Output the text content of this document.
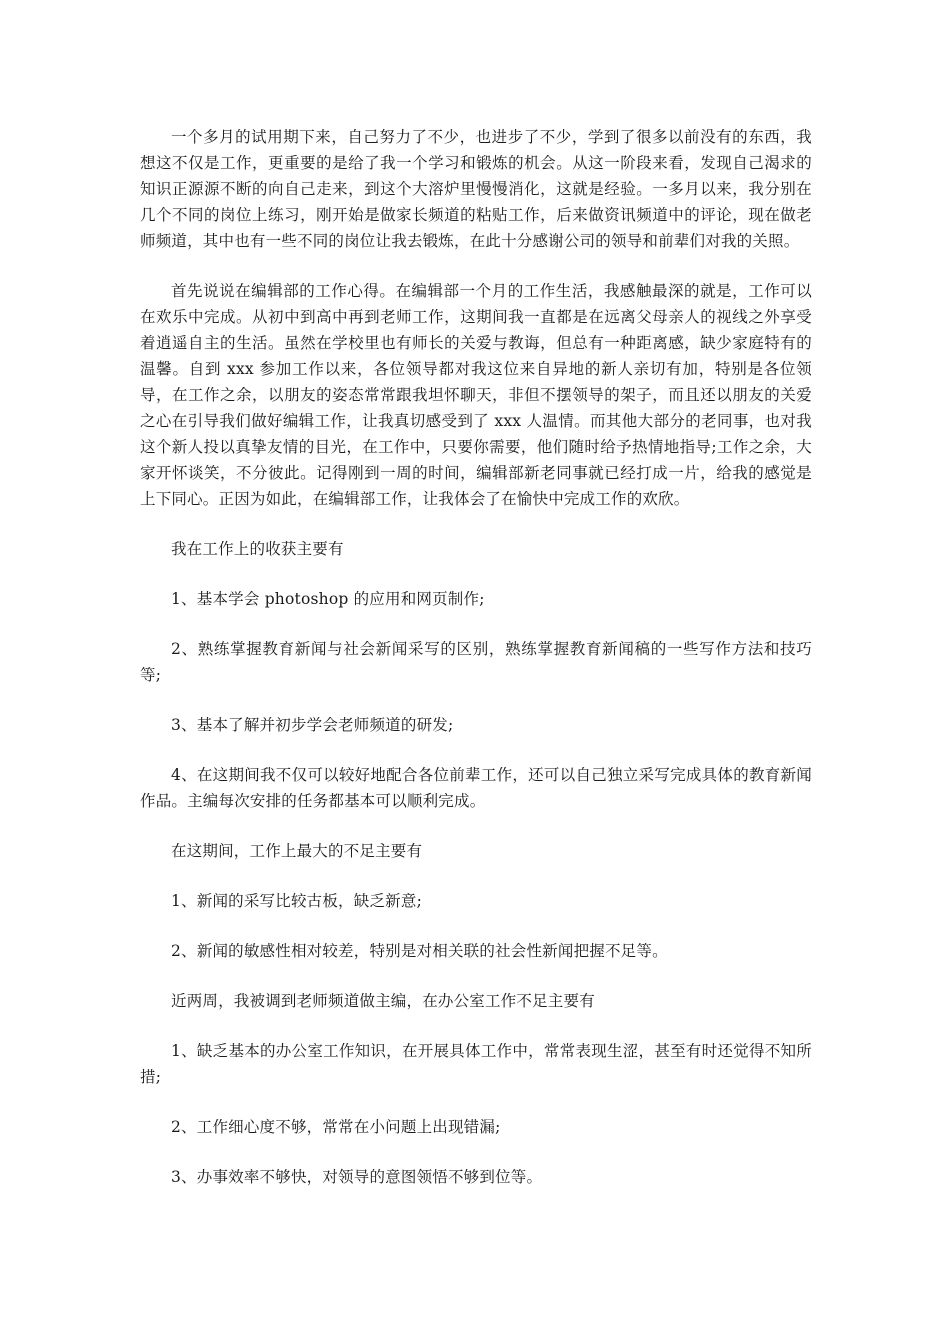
一个多月的试用期下来，自己努力了不少，也进步了不少，学到了很多以前没有的东西，我想这不仅是工作，更重要的是给了我一个学习和锻炼的机会。从这一阶段来看，发现自己渴求的知识正源源不断的向自己走来，到这个大溶炉里慢慢消化，这就是经验。一多月以来，我分别在几个不同的岗位上练习，刚开始是做家长频道的粘贴工作，后来做资讯频道中的评论，现在做老师频道，其中也有一些不同的岗位让我去锻炼，在此十分感谢公司的领导和前辈们对我的关照。

首先说说在编辑部的工作心得。在编辑部一个月的工作生活，我感触最深的就是，工作可以在欢乐中完成。从初中到高中再到老师工作，这期间我一直都是在远离父母亲人的视线之外享受着逍遥自主的生活。虽然在学校里也有师长的关爱与教诲，但总有一种距离感，缺少家庭特有的温馨。自到 xxx 参加工作以来，各位领导都对我这位来自异地的新人亲切有加，特别是各位领导，在工作之余，以朋友的姿态常常跟我坦怀聊天，非但不摆领导的架子，而且还以朋友的关爱之心在引导我们做好编辑工作，让我真切感受到了 xxx 人温情。而其他大部分的老同事，也对我这个新人投以真挚友情的目光，在工作中，只要你需要，他们随时给予热情地指导;工作之余，大家开怀谈笑，不分彼此。记得刚到一周的时间，编辑部新老同事就已经打成一片，给我的感觉是上下同心。正因为如此，在编辑部工作，让我体会了在愉快中完成工作的欢欣。

我在工作上的收获主要有

1、基本学会 photoshop 的应用和网页制作;

2、熟练掌握教育新闻与社会新闻采写的区别，熟练掌握教育新闻稿的一些写作方法和技巧等;

3、基本了解并初步学会老师频道的研发;

4、在这期间我不仅可以较好地配合各位前辈工作，还可以自己独立采写完成具体的教育新闻作品。主编每次安排的任务都基本可以顺利完成。

在这期间，工作上最大的不足主要有

1、新闻的采写比较古板，缺乏新意;

2、新闻的敏感性相对较差，特别是对相关联的社会性新闻把握不足等。

近两周，我被调到老师频道做主编，在办公室工作不足主要有

1、缺乏基本的办公室工作知识，在开展具体工作中，常常表现生涩，甚至有时还觉得不知所措;

2、工作细心度不够，常常在小问题上出现错漏;

3、办事效率不够快，对领导的意图领悟不够到位等。
